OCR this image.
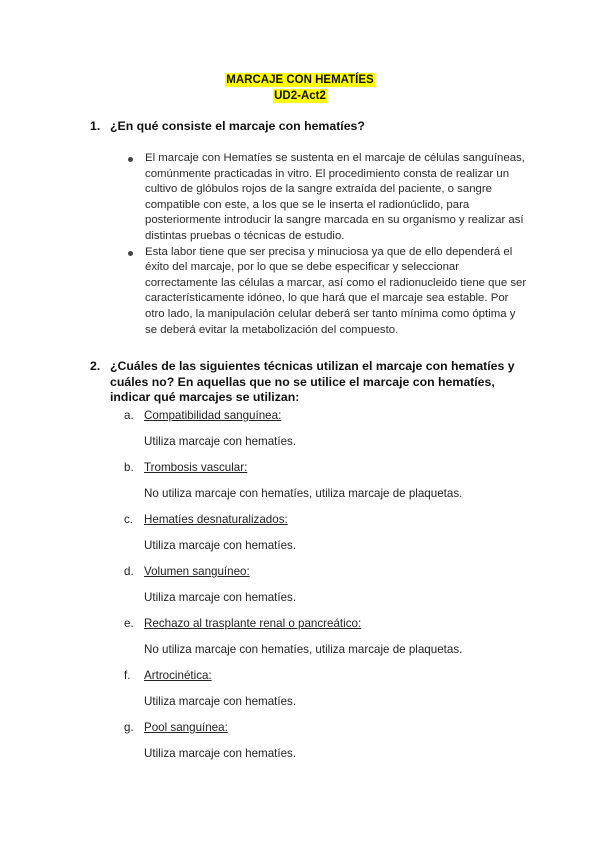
MARCAJE CON HEMATÍES
UD2-Act2
1. ¿En qué consiste el marcaje con hematíes?
El marcaje con Hematíes se sustenta en el marcaje de células sanguíneas, comúnmente practicadas in vitro. El procedimiento consta de realizar un cultivo de glóbulos rojos de la sangre extraída del paciente, o sangre compatible con este, a los que se le inserta el radionúclido, para posteriormente introducir la sangre marcada en su organismo y realizar así distintas pruebas o técnicas de estudio.
Esta labor tiene que ser precisa y minuciosa ya que de ello dependerá el éxito del marcaje, por lo que se debe especificar y seleccionar correctamente las células a marcar, así como el radionucleido tiene que ser característicamente idóneo, lo que hará que el marcaje sea estable. Por otro lado, la manipulación celular deberá ser tanto mínima como óptima y se deberá evitar la metabolización del compuesto.
2. ¿Cuáles de las siguientes técnicas utilizan el marcaje con hematíes y cuáles no? En aquellas que no se utilice el marcaje con hematíes, indicar qué marcajes se utilizan:
a. Compatibilidad sanguínea:
Utiliza marcaje con hematíes.
b. Trombosis vascular:
No utiliza marcaje con hematíes, utiliza marcaje de plaquetas.
c. Hematíes desnaturalizados:
Utiliza marcaje con hematíes.
d. Volumen sanguíneo:
Utiliza marcaje con hematíes.
e. Rechazo al trasplante renal o pancreático:
No utiliza marcaje con hematíes, utiliza marcaje de plaquetas.
f. Artrocinética:
Utiliza marcaje con hematíes.
g. Pool sanguínea:
Utiliza marcaje con hematíes.
